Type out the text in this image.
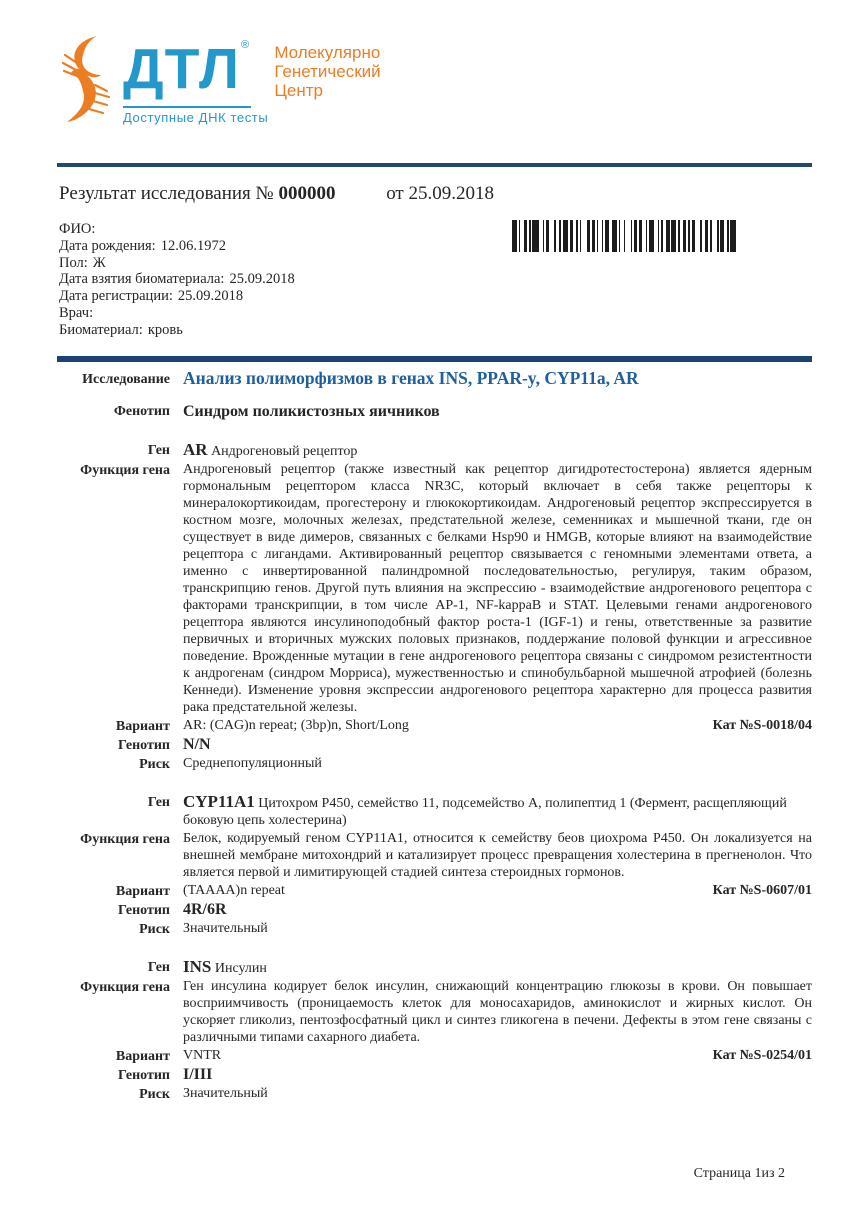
ДТЛ ®
Доступные ДНК тесты
Молекулярно
Генетический
Центр
Результат исследования № 000000	от 25.09.2018
ФИО:
Дата рождения: 12.06.1972
Пол: Ж
Дата взятия биоматериала: 25.09.2018
Дата регистрации: 25.09.2018
Врач:
Биоматериал: кровь
Исследование Анализ полиморфизмов в генах INS, PPAR-y, CYP11a, AR
Фенотип Синдром поликистозных яичников
Ген AR Андрогеновый рецептор
Функция гена Андрогеновый рецептор (также известный как рецептор дигидротестостерона) является ядерным гормональным рецептором класса NR3C, который включает в себя также рецепторы к минералокортикоидам, прогестерону и глюкокортикоидам. Андрогеновый рецептор экспрессируется в костном мозге, молочных железах, предстательной железе, семенниках и мышечной ткани, где он существует в виде димеров, связанных с белками Hsp90 и HMGB, которые влияют на взаимодействие рецептора с лигандами. Активированный рецептор связывается с геномными элементами ответа, а именно с инвертированной палиндромной последовательностью, регулируя, таким образом, транскрипцию генов. Другой путь влияния на экспрессию - взаимодействие андрогенового рецептора с факторами транскрипции, в том числе AP-1, NF-kappaB и STAT. Целевыми генами андрогенового рецептора являются инсулиноподобный фактор роста-1 (IGF-1) и гены, ответственные за развитие первичных и вторичных мужских половых признаков, поддержание половой функции и агрессивное поведение. Врожденные мутации в гене андрогенового рецептора связаны с синдромом резистентности к андрогенам (синдром Морриса), мужественностью и спинобульбарной мышечной атрофией (болезнь Кеннеди). Изменение уровня экспрессии андрогенового рецептора характерно для процесса развития рака предстательной железы.
Вариант AR: (CAG)n repeat; (3bp)n, Short/Long	Кат №S-0018/04
Генотип N/N
Риск Среднепопуляционный
Ген CYP11A1 Цитохром P450, семейство 11, подсемейство A, полипептид 1 (Фермент, расщепляющий боковую цепь холестерина)
Функция гена Белок, кодируемый геном CYP11A1, относится к семейству беов циохрома P450. Он локализуется на внешней мембране митохондрий и катализирует процесс превращения холестерина в прегненолон. Что является первой и лимитирующей стадией синтеза стероидных гормонов.
Вариант (TAAAA)n repeat	Кат №S-0607/01
Генотип 4R/6R
Риск Значительный
Ген INS Инсулин
Функция гена Ген инсулина кодирует белок инсулин, снижающий концентрацию глюкозы в крови. Он повышает восприимчивость (проницаемость клеток для моносахаридов, аминокислот и жирных кислот. Он ускоряет гликолиз, пентозфосфатный цикл и синтез гликогена в печени. Дефекты в этом гене связаны с различными типами сахарного диабета.
Вариант VNTR	Кат №S-0254/01
Генотип I/III
Риск Значительный
Страница 1из 2
